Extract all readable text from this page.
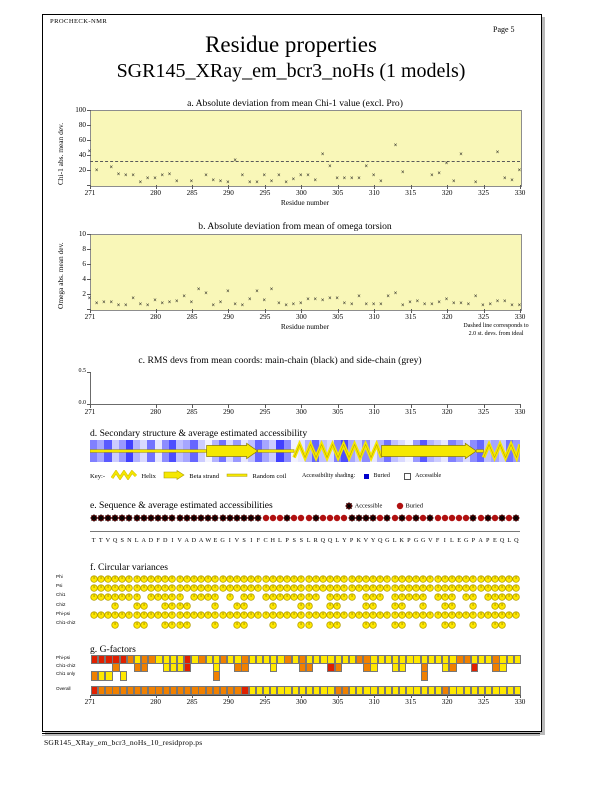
SGR145_XRay_em_bcr3_noHs_10_residprop.ps
PROCHECK-NMR
Page 5
Residue properties
SGR145_XRay_em_bcr3_noHs (1 models)
a. Absolute deviation from mean Chi-1 value (excl. Pro)
20
40
60
80
100
271	280	285	290	295	300	305	310	315	320	325	330
×
× ×
× × ×
×
× × × ×
× ×
×
× × ×
×
×
× ×
×
×
×
× ×
× ×
×
×
×
× × × ×
×
×
×
×
×	× ×
×
×
×
×
×
× ×
×
Residue number
Chi-1 abs. mean dev.
b. Absolute deviation from mean of omega torsion
2
4
6
8
10
271	280	285	290	295	300	305	310	315	320	325	330
×
× × × × ×
×
× ×
× × × ×
×
×
×
×
× ×
×
× ×
×
×
×
×
× × × ×
× × × × ×
× ×
×
× × ×
× ×
× × × × × ×
×
× × ×
×
× × × ×
× ×
Residue number
Omega abs. mean dev.
Dashed line corresponds to
2.0 st. devs. from ideal
c. RMS devs from mean coords: main-chain (black) and side-chain (grey)
0.5
0.0
271	280	285	290	295	300	305	310	315	320	325	330
d. Secondary structure & average estimated accessibility
Key:-	Helix	Beta strand	Random coil	Accessibility shading:	Buried	Accessible
e. Sequence & average estimated accessibilities	Accessible	Buried
T T V Q S N L A D F D I V A D A W E G I V S I F C H L P S S L R Q Q L Y P K V Y Q G L K P G G V F I L E G P A P E Q L Q
f. Circular variances
Phi
Psi
Chi1
Chi2
Phi-psi
Chi1-chi2
g. G-factors
Phi-psi
Chi1-chi2
Chi1 only
Overall
271	280	285	290	295	300	305	310	315	320	325	330
